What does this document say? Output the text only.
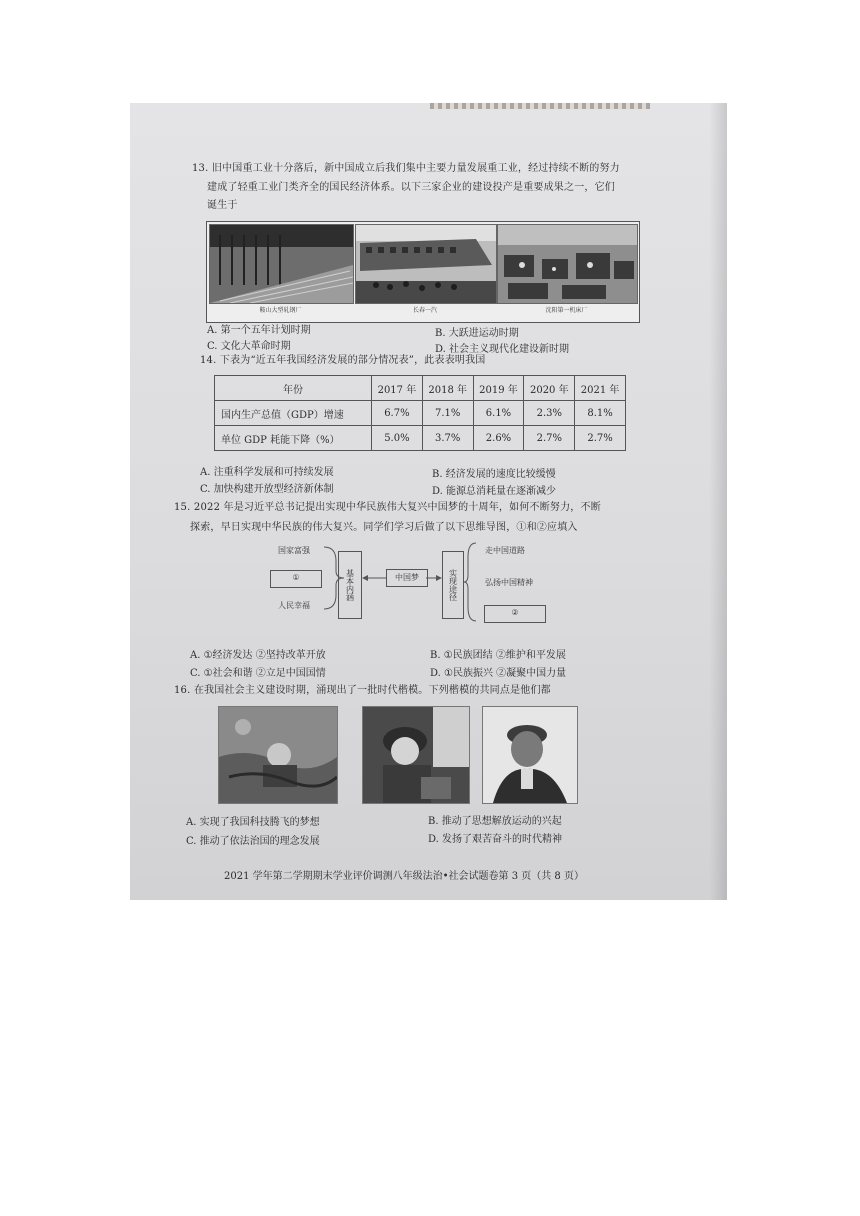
13. 旧中国重工业十分落后，新中国成立后我们集中主要力量发展重工业，经过持续不断的努力
建成了轻重工业门类齐全的国民经济体系。以下三家企业的建设投产是重要成果之一，它们
诞生于
鞍山大型轧钢厂	长春一汽	沈阳第一机床厂
A. 第一个五年计划时期	B. 大跃进运动时期
C. 文化大革命时期	D. 社会主义现代化建设新时期
14. 下表为“近五年我国经济发展的部分情况表”，此表表明我国
年份	2017 年	2018 年	2019 年	2020 年	2021 年
国内生产总值（GDP）增速	6.7%	7.1%	6.1%	2.3%	8.1%
单位 GDP 耗能下降（%）	5.0%	3.7%	2.6%	2.7%	2.7%
A. 注重科学发展和可持续发展	B. 经济发展的速度比较缓慢
C. 加快构建开放型经济新体制	D. 能源总消耗量在逐渐减少
15. 2022 年是习近平总书记提出实现中华民族伟大复兴中国梦的十周年，如何不断努力，不断
探索，早日实现中华民族的伟大复兴。同学们学习后做了以下思维导图，①和②应填入
国家富强
①
人民幸福
基本内涵	中国梦	实现途径
走中国道路
弘扬中国精神
②
A. ①经济发达 ②坚持改革开放	B. ①民族团结 ②维护和平发展
C. ①社会和谐 ②立足中国国情	D. ①民族振兴 ②凝聚中国力量
16. 在我国社会主义建设时期，涌现出了一批时代楷模。下列楷模的共同点是他们都
A. 实现了我国科技腾飞的梦想	B. 推动了思想解放运动的兴起
C. 推动了依法治国的理念发展	D. 发扬了艰苦奋斗的时代精神
2021 学年第二学期期末学业评价调测八年级法治•社会试题卷第 3 页（共 8 页）
